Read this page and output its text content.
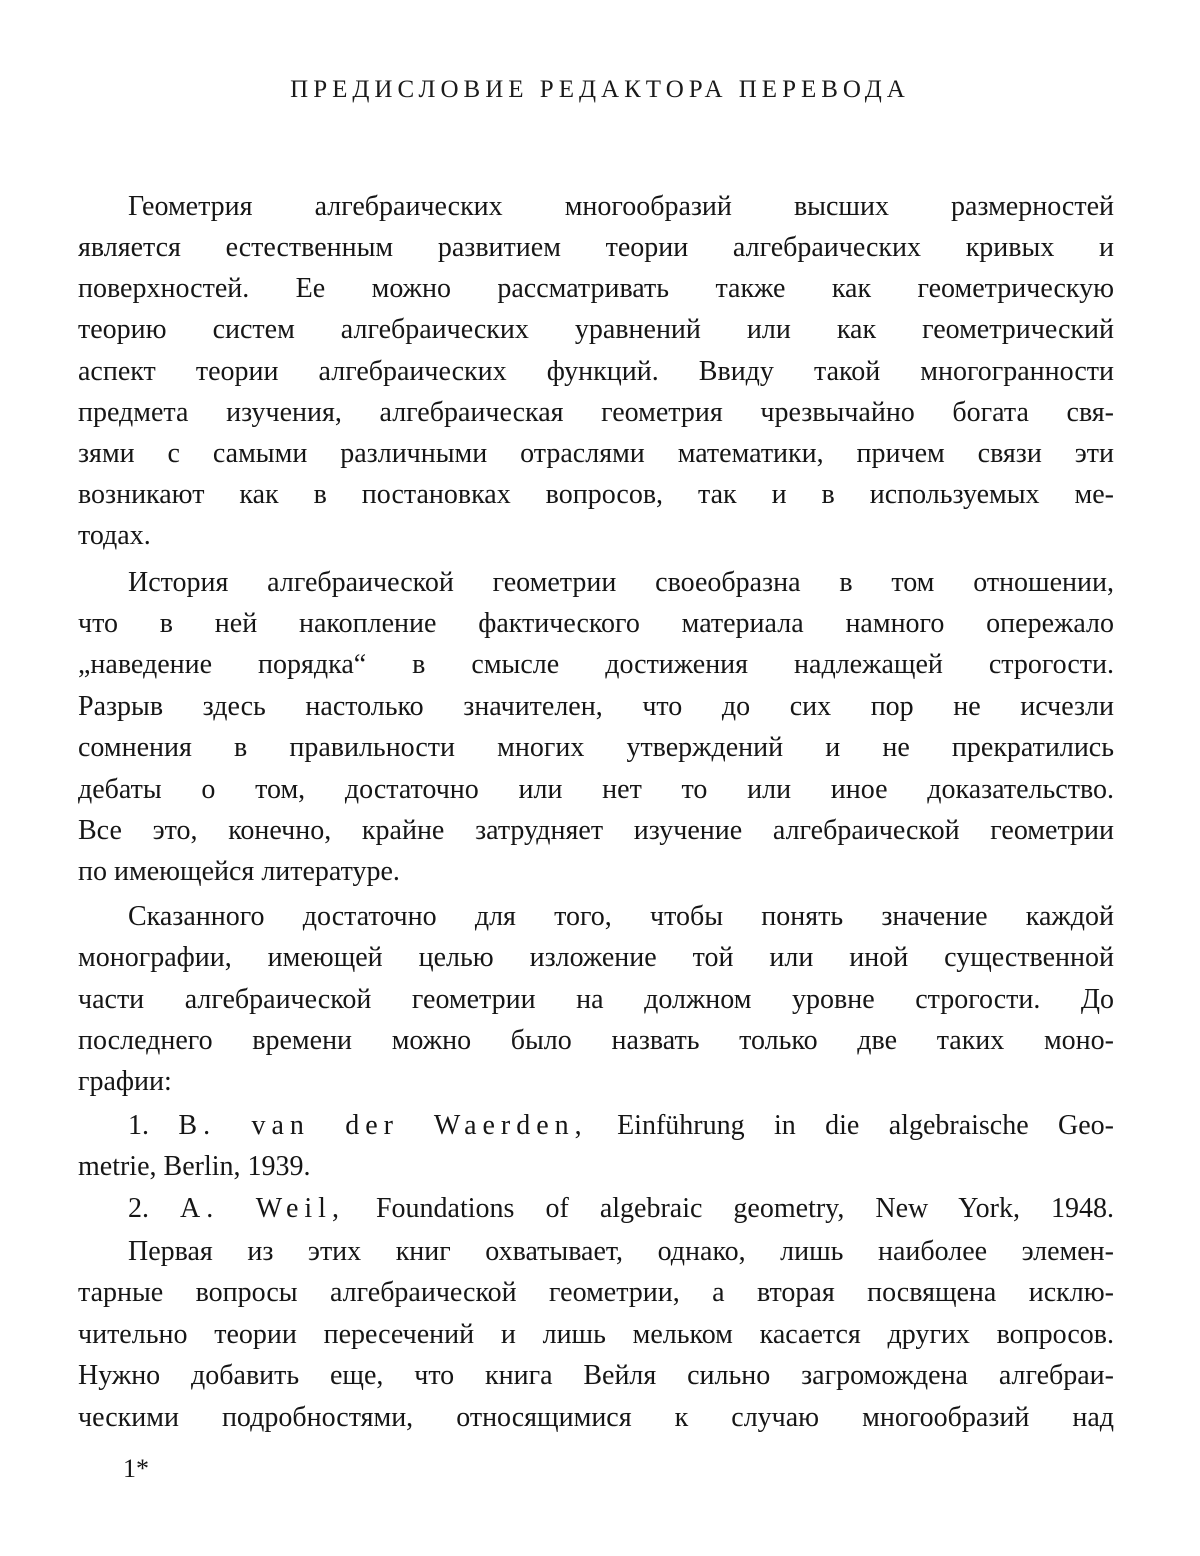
ПРЕДИСЛОВИЕ РЕДАКТОРА ПЕРЕВОДА
Геометрия алгебраических многообразий высших размерностей
является естественным развитием теории алгебраических кривых и
поверхностей. Ее можно рассматривать также как геометрическую
теорию систем алгебраических уравнений или как геометрический
аспект теории алгебраических функций. Ввиду такой многогранности
предмета изучения, алгебраическая геометрия чрезвычайно богата свя-
зями с самыми различными отраслями математики, причем связи эти
возникают как в постановках вопросов, так и в используемых ме-
тодах.
История алгебраической геометрии своеобразна в том отношении,
что в ней накопление фактического материала намного опережало
„наведение порядка“ в смысле достижения надлежащей строгости.
Разрыв здесь настолько значителен, что до сих пор не исчезли
сомнения в правильности многих утверждений и не прекратились
дебаты о том, достаточно или нет то или иное доказательство.
Все это, конечно, крайне затрудняет изучение алгебраической геометрии
по имеющейся литературе.
Сказанного достаточно для того, чтобы понять значение каждой
монографии, имеющей целью изложение той или иной существенной
части алгебраической геометрии на должном уровне строгости. До
последнего времени можно было назвать только две таких моно-
графии:
1. B. van der Waerden, Einführung in die algebraische Geo-
metrie, Berlin, 1939.
2. A. Weil, Foundations of algebraic geometry, New York, 1948.
Первая из этих книг охватывает, однако, лишь наиболее элемен-
тарные вопросы алгебраической геометрии, а вторая посвящена исклю-
чительно теории пересечений и лишь мельком касается других вопросов.
Нужно добавить еще, что книга Вейля сильно загромождена алгебраи-
ческими подробностями, относящимися к случаю многообразий над
1*
